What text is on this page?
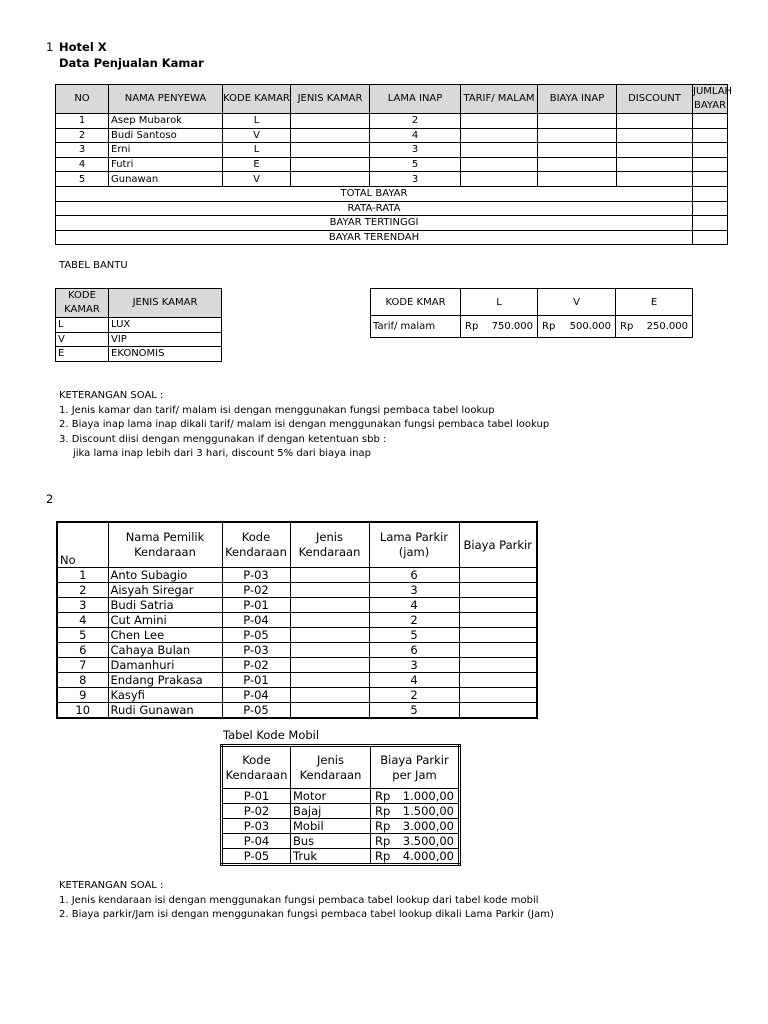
1 Hotel X
Data Penjualan Kamar
NO	NAMA PENYEWA	KODE KAMAR	JENIS KAMAR	LAMA INAP	TARIF/ MALAM	BIAYA INAP	DISCOUNT	JUMLAH BAYAR
1	Asep Mubarok	L		2				
2	Budi Santoso	V		4				
3	Erni	L		3				
4	Futri	E		5				
5	Gunawan	V		3				
TOTAL BAYAR								
RATA-RATA								
BAYAR TERTINGGI								
BAYAR TERENDAH								
TABEL BANTU
KODE KAMAR	JENIS KAMAR
L	LUX
V	VIP
E	EKONOMIS
KODE KMAR	L	V	E
Tarif/ malam	Rp 750.000	Rp 500.000	Rp 250.000
KETERANGAN SOAL :
1. Jenis kamar dan tarif/ malam isi dengan menggunakan fungsi pembaca tabel lookup
2. Biaya inap lama inap dikali tarif/ malam isi dengan menggunakan fungsi pembaca tabel lookup
3. Discount diisi dengan menggunakan if dengan ketentuan sbb :
jika lama inap lebih dari 3 hari, discount 5% dari biaya inap
2
No	Nama Pemilik Kendaraan	Kode Kendaraan	Jenis Kendaraan	Lama Parkir (jam)	Biaya Parkir
1	Anto Subagio	P-03		6	
2	Aisyah Siregar	P-02		3	
3	Budi Satria	P-01		4	
4	Cut Amini	P-04		2	
5	Chen Lee	P-05		5	
6	Cahaya Bulan	P-03		6	
7	Damanhuri	P-02		3	
8	Endang Prakasa	P-01		4	
9	Kasyfi	P-04		2	
10	Rudi Gunawan	P-05		5	
Tabel Kode Mobil
Kode Kendaraan	Jenis Kendaraan	Biaya Parkir per Jam
P-01	Motor	Rp 1.000,00

P-02	Bajaj	Rp 1.500,00

P-03	Mobil	Rp 3.000,00

P-04	Bus	Rp 3.500,00

P-05	Truk	Rp 4.000,00
KETERANGAN SOAL :
1. Jenis kendaraan isi dengan menggunakan fungsi pembaca tabel lookup dari tabel kode mobil
2. Biaya parkir/Jam isi dengan menggunakan fungsi pembaca tabel lookup dikali Lama Parkir (Jam)
